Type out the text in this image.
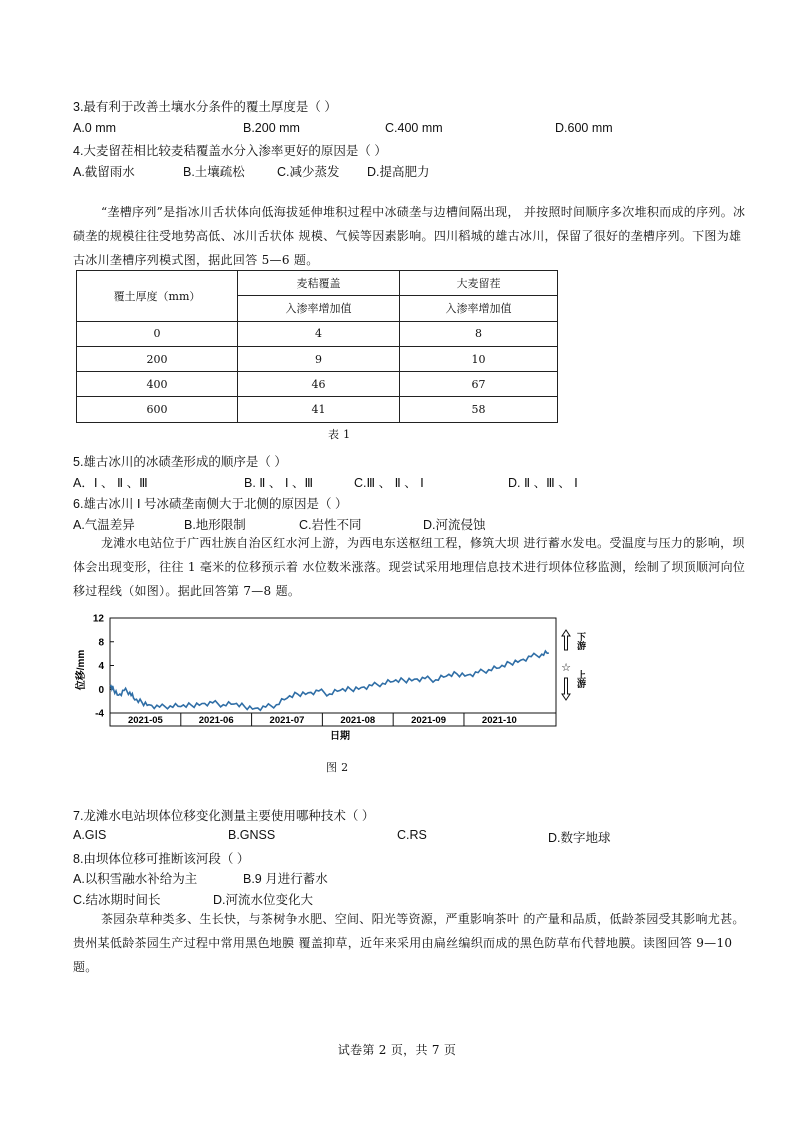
3.最有利于改善土壤水分条件的覆土厚度是（ ）
A.0 mm	B.200 mm	C.400 mm	D.600 mm
4.大麦留茬相比较麦秸覆盖水分入渗率更好的原因是（ ）
A.截留雨水	B.土壤疏松	C.减少蒸发 D.提高肥力
“垄槽序列”是指冰川舌状体向低海拔延伸堆积过程中冰碛垄与边槽间隔出现， 并按照时间顺序多次堆积而成的序列。冰碛垄的规模往往受地势高低、冰川舌状体 规模、气候等因素影响。四川稻城的雄古冰川，保留了很好的垄槽序列。下图为雄 古冰川垄槽序列模式图，据此回答 5—6 题。
覆土厚度（mm）	麦秸覆盖	大麦留茬
	入渗率增加值	入渗率增加值
0	4	8
200	9	10
400	46	67
600	41	58
表 1
5.雄古冰川的冰碛垄形成的顺序是（ ）
A．Ⅰ 、 Ⅱ 、Ⅲ	B. Ⅱ 、 Ⅰ 、Ⅲ	C.Ⅲ 、 Ⅱ 、 Ⅰ	D. Ⅱ 、Ⅲ 、 Ⅰ
6.雄古冰川 Ⅰ 号冰碛垄南侧大于北侧的原因是（ ）
A.气温差异	B.地形限制	C.岩性不同	D.河流侵蚀
龙滩水电站位于广西壮族自治区红水河上游，为西电东送枢纽工程，修筑大坝 进行蓄水发电。受温度与压力的影响，坝体会出现变形，往往 1 毫米的位移预示着 水位数米涨落。现尝试采用地理信息技术进行坝体位移监测，绘制了坝顶顺河向位 移过程线（如图）。据此回答第 7—8 题。
位移/mm
-4
0
4
8
12
2021-05	2021-06	2021-07	2021-08	2021-09	2021-10
日期
下游
☆
上游
图 2
7.龙滩水电站坝体位移变化测量主要使用哪种技术（ ）
A.GIS	B.GNSS	C.RS	D.数字地球
8.由坝体位移可推断该河段（ ）
A.以积雪融水补给为主	B.9 月进行蓄水
C.结冰期时间长	D.河流水位变化大
茶园杂草种类多、生长快，与茶树争水肥、空间、阳光等资源，严重影响茶叶 的产量和品质，低龄茶园受其影响尤甚。贵州某低龄茶园生产过程中常用黑色地膜 覆盖抑草，近年来采用由扁丝编织而成的黑色防草布代替地膜。读图回答 9—10 题。
试卷第 2 页，共 7 页
